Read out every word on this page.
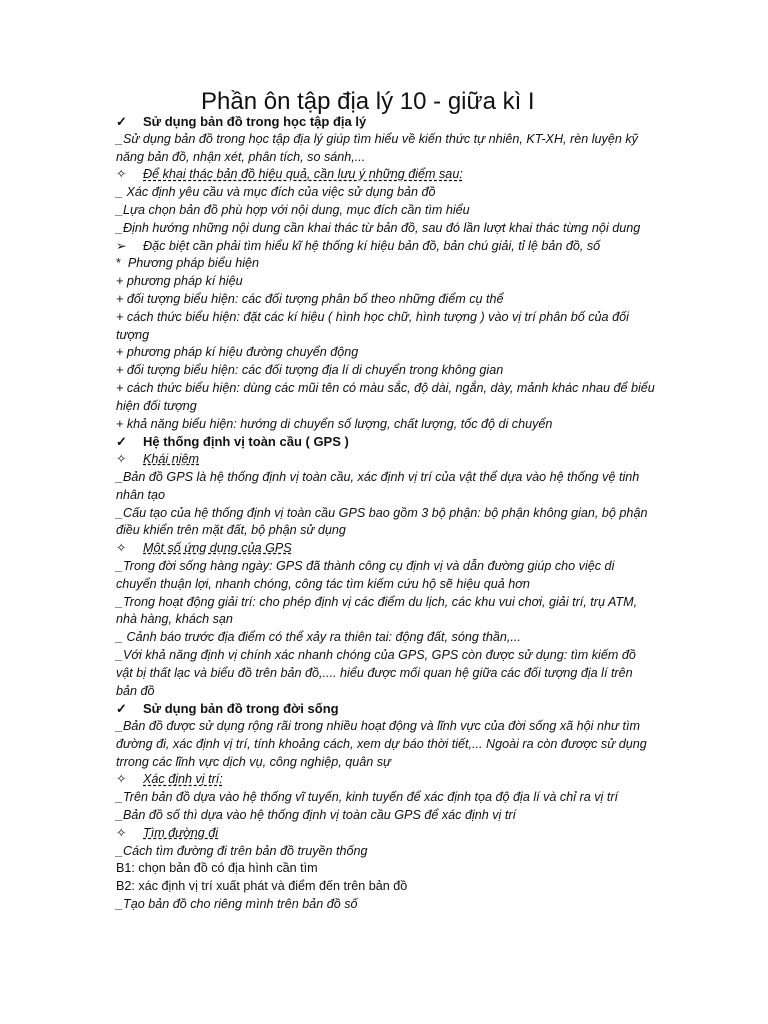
Phần ôn tập địa lý 10 - giữa kì I
✓	Sử dụng bản đồ trong học tập địa lý
_Sử dụng bản đồ trong học tập địa lý giúp tìm hiểu về kiến thức tự nhiên, KT-XH, rèn luyện kỹ năng bản đồ, nhận xét, phân tích, so sánh,...
✧	Để khai thác bản đồ hiệu quả, cần lưu ý những điểm sau:
_ Xác định yêu cầu và mục đích của việc sử dụng bản đồ
_Lựa chọn bản đồ phù hợp với nội dung, mục đích cần tìm hiểu
_Định hướng những nội dung cần khai thác từ bản đồ, sau đó lần lượt khai thác từng nội dung
➢	Đặc biệt cần phải tìm hiểu kĩ hệ thống kí hiệu bản đồ, bản chú giải, tỉ lệ bản đồ, số
* Phương pháp biểu hiện
+ phương pháp kí hiệu
+ đối tượng biểu hiện: các đối tượng phân bố theo những điểm cụ thể
+ cách thức biểu hiện: đặt các kí hiệu ( hình học chữ, hình tượng ) vào vị trí phân bố của đối tượng
+ phương pháp kí hiệu đường chuyển động
+ đối tượng biểu hiện: các đối tượng địa lí di chuyển trong không gian
+ cách thức biểu hiện: dùng các mũi tên có màu sắc, độ dài, ngắn, dày, mảnh khác nhau để biểu hiện đối tượng
+ khả năng biểu hiện: hướng di chuyển số lượng, chất lượng, tốc độ di chuyển
✓	Hệ thống định vị toàn cầu ( GPS )
✧	Khái niệm
_Bản đồ GPS là hệ thống định vị toàn cầu, xác định vị trí của vật thể dựa vào hệ thống vệ tinh nhân tạo
_Cấu tạo của hệ thống định vị toàn cầu GPS bao gồm 3 bộ phận: bộ phận không gian, bộ phận điều khiển trên mặt đất, bộ phận sử dụng
✧	Một số ứng dụng của GPS
_Trong đời sống hàng ngày: GPS đã thành công cụ định vị và dẫn đường giúp cho việc di chuyển thuận lợi, nhanh chóng, công tác tìm kiếm cứu hộ sẽ hiệu quả hơn
_Trong hoạt động giải trí: cho phép định vị các điểm du lịch, các khu vui chơi, giải trí, trụ ATM, nhà hàng, khách sạn
_ Cảnh báo trước địa điểm có thể xảy ra thiên tai: động đất, sóng thần,...
_Với khả năng định vị chính xác nhanh chóng của GPS, GPS còn được sử dụng: tìm kiếm đồ vật bị thất lạc và biểu đồ trên bản đồ,.... hiểu được mối quan hệ giữa các đối tượng địa lí trên bản đồ
✓	Sử dụng bản đồ trong đời sống
_Bản đồ được sử dụng rộng rãi trong nhiều hoạt động và lĩnh vực của đời sống xã hội như tìm đường đi, xác định vị trí, tính khoảng cách, xem dự báo thời tiết,... Ngoài ra còn đươợc sử dụng trrong các lĩnh vực dịch vụ, công nghiệp, quân sự
✧	Xác định vị trí:
_Trên bản đồ dựa vào hệ thống vĩ tuyến, kinh tuyến để xác định tọa độ địa lí và chỉ ra vị trí
_Bản đồ số thì dựa vào hệ thống định vị toàn cầu GPS để xác định vị trí
✧	Tìm đường đi
_Cách tìm đường đi trên bản đồ truyền thống
B1: chọn bản đồ có địa hình cần tìm
B2: xác định vị trí xuất phát và điểm đến trên bản đồ
_Tạo bản đồ cho riêng mình trên bản đồ số
